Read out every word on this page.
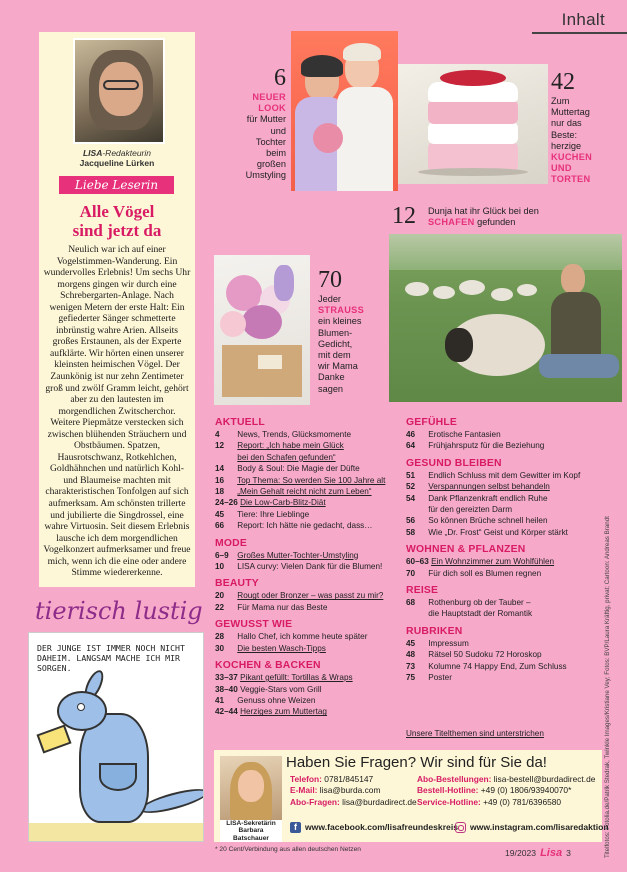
Inhalt
LISA-Redakteurin
Jacqueline Lürken
Liebe Leserin
Alle Vögel
sind jetzt da
Neulich war ich auf einer Vogelstimmen-Wanderung. Ein wundervolles Erlebnis! Um sechs Uhr morgens gingen wir durch eine Schrebergarten-Anlage. Nach wenigen Metern der erste Halt: Ein gefiederter Sänger schmetterte inbrünstig wahre Arien. Allseits großes Erstaunen, als der Experte aufklärte. Wir hörten einen unserer kleinsten heimischen Vögel. Der Zaunkönig ist nur zehn Zentimeter groß und zwölf Gramm leicht, gehört aber zu den lautesten im morgendlichen Zwitscherchor. Weitere Piepmätze verstecken sich zwischen blühenden Sträuchern und Obstbäumen. Spatzen, Hausrotschwanz, Rotkehlchen, Goldhähnchen und natürlich Kohl- und Blaumeise machten mit charakteristischen Tonfolgen auf sich aufmerksam. Am schönsten trillerte und jubilierte die Singdrossel, eine wahre Virtuosin. Seit diesem Erlebnis lausche ich dem morgendlichen Vogelkonzert aufmerksamer und freue mich, wenn ich die eine oder andere Stimme wiedererkenne.
tierisch lustig
DER JUNGE IST IMMER NOCH NICHT DAHEIM. LANGSAM MACHE ICH MIR SORGEN.
6
NEUER
LOOK
für Mutter
und
Tochter
beim
großen
Umstyling
42
Zum
Muttertag
nur das
Beste:
herzige
KUCHEN
UND
TORTEN
12 Dunja hat ihr Glück bei den
SCHAFEN gefunden
70
Jeder
STRAUSS
ein kleines
Blumen-
Gedicht,
mit dem
wir Mama
Danke
sagen
AKTUELL
4 News, Trends, Glücksmomente
12 Report: „Ich habe mein Glück
bei den Schafen gefunden“
14 Body & Soul: Die Magie der Düfte
16 Top Thema: So werden Sie 100 Jahre alt
18 „Mein Gehalt reicht nicht zum Leben“
24–26 Die Low-Carb-Blitz-Diät
45 Tiere: Ihre Lieblinge
66 Report: Ich hätte nie gedacht, dass…
MODE
6–9 Großes Mutter-Tochter-Umstyling
10 LISA curvy: Vielen Dank für die Blumen!
BEAUTY
20 Rougt oder Bronzer – was passt zu mir?
22 Für Mama nur das Beste
GEWUSST WIE
28 Hallo Chef, ich komme heute später
30 Die besten Wasch-Tipps
KOCHEN & BACKEN
33–37 Pikant gefüllt: Tortillas & Wraps
38–40 Veggie-Stars vom Grill
41 Genuss ohne Weizen
42–44 Herziges zum Muttertag
GEFÜHLE
46 Erotische Fantasien
64 Frühjahrsputz für die Beziehung
GESUND BLEIBEN
51 Endlich Schluss mit dem Gewitter im Kopf
52 Verspannungen selbst behandeln
54 Dank Pflanzenkraft endlich Ruhe
für den gereizten Darm
56 So können Brüche schnell heilen
58 Wie „Dr. Frost“ Geist und Körper stärkt
WOHNEN & PFLANZEN
60–63 Ein Wohnzimmer zum Wohlfühlen
70 Für dich soll es Blumen regnen
REISE
68 Rothenburg ob der Tauber –
die Hauptstadt der Romantik
RUBRIKEN
45 Impressum
48 Rätsel 50 Sudoku 72 Horoskop
73 Kolumne 74 Happy End, Zum Schluss
75 Poster
Unsere Titelthemen sind unterstrichen
LISA-Sekretärin
Barbara Batschauer
Haben Sie Fragen? Wir sind für Sie da!
Telefon: 0781/845147
E-Mail: lisa@burda.com
Abo-Fragen: lisa@burdadirect.de
Abo-Bestellungen: lisa-bestell@burdadirect.de
Bestell-Hotline: +49 (0) 1806/93940070*
Service-Hotline: +49 (0) 781/6396580
f www.facebook.com/lisafreundeskreis	www.instagram.com/lisaredaktion
* 20 Cent/Verbindung aus allen deutschen Netzen	19/2023 Lisa 3	Titelfotos: Fotolia.de/Patrik Stedrak, Twinkle Images/Kristiane Vey; Fotos: BVP/Laura Kräftig, privat; Cartoon: Andreas Brandt
